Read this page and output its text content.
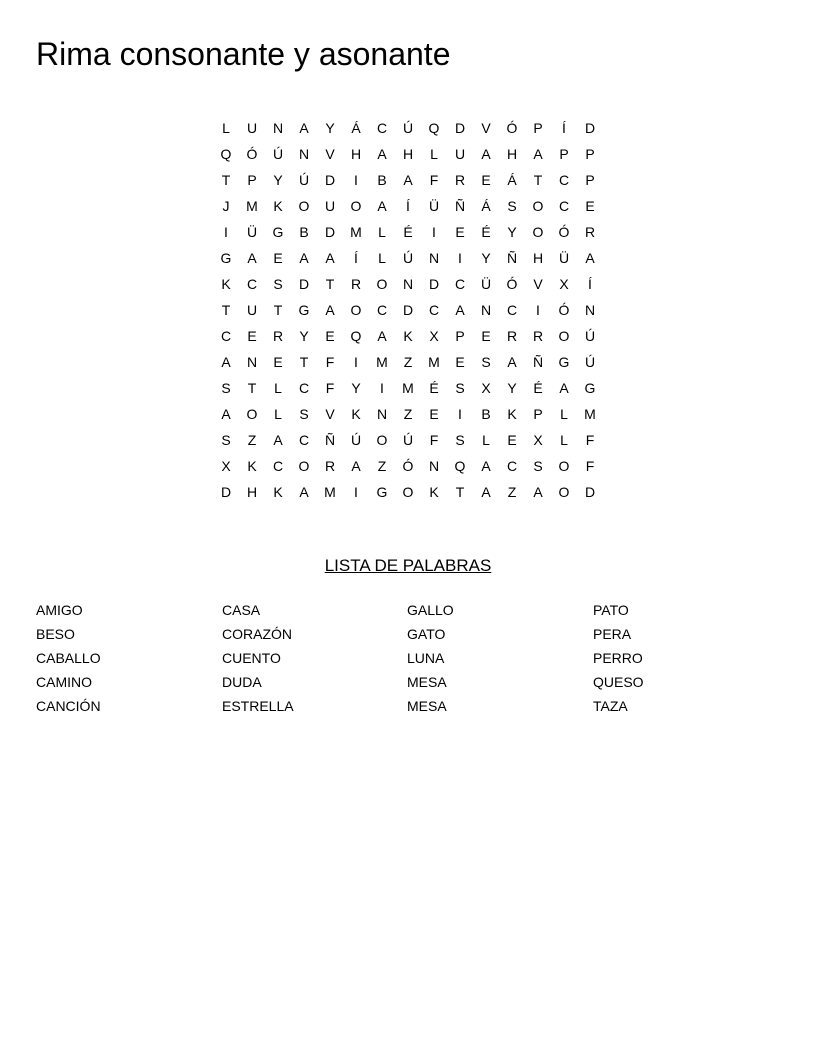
Rima consonante y asonante
L	U	N	A	Y	Á	C	Ú	Q	D	V	Ó	P	Í	D
Q	Ó	Ú	N	V	H	A	H	L	U	A	H	A	P	P
T	P	Y	Ú	D	I	B	A	F	R	E	Á	T	C	P
J	M	K	O	U	O	A	Í	Ü	Ñ	Á	S	O	C	E
I	Ü	G	B	D	M	L	É	I	E	É	Y	O	Ó	R
G	A	E	A	A	Í	L	Ú	N	I	Y	Ñ	H	Ü	A
K	C	S	D	T	R	O	N	D	C	Ü	Ó	V	X	Í
T	U	T	G	A	O	C	D	C	A	N	C	I	Ó	N
C	E	R	Y	E	Q	A	K	X	P	E	R	R	O	Ú
A	N	E	T	F	I	M	Z	M	E	S	A	Ñ	G	Ú
S	T	L	C	F	Y	I	M	É	S	X	Y	É	A	G
A	O	L	S	V	K	N	Z	E	I	B	K	P	L	M
S	Z	A	C	Ñ	Ú	O	Ú	F	S	L	E	X	L	F
X	K	C	O	R	A	Z	Ó	N	Q	A	C	S	O	F
D	H	K	A	M	I	G	O	K	T	A	Z	A	O	D
LISTA DE PALABRAS
AMIGO
BESO
CABALLO
CAMINO
CANCIÓN
CASA
CORAZÓN
CUENTO
DUDA
ESTRELLA
GALLO
GATO
LUNA
MESA
MESA
PATO
PERA
PERRO
QUESO
TAZA
